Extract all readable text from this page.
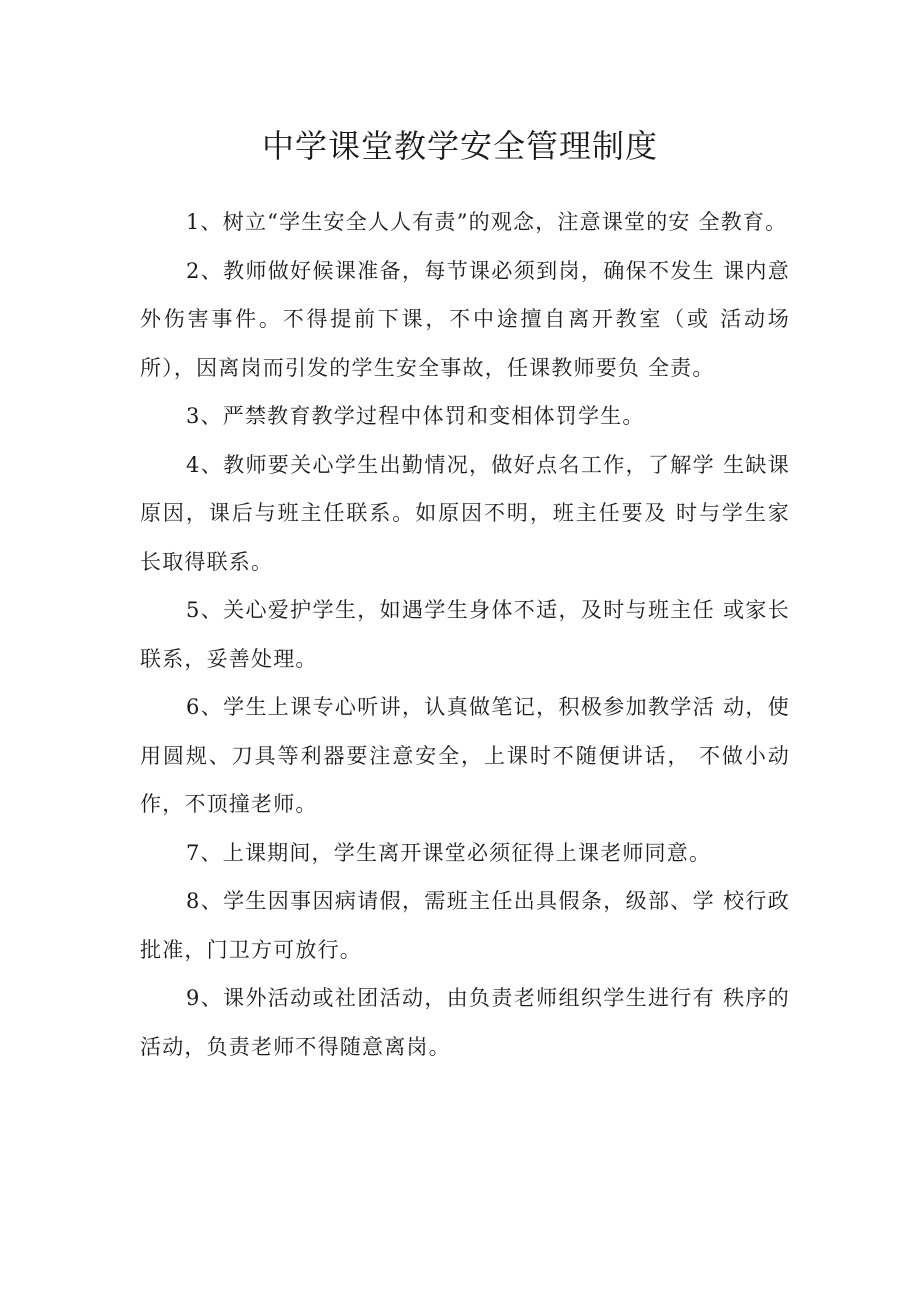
中学课堂教学安全管理制度

1、树立“学生安全人人有责”的观念，注意课堂的安 全教育。

2、教师做好候课准备，每节课必须到岗，确保不发生 课内意外伤害事件。不得提前下课，不中途擅自离开教室（或 活动场所），因离岗而引发的学生安全事故，任课教师要负 全责。

3、严禁教育教学过程中体罚和变相体罚学生。

4、教师要关心学生出勤情况，做好点名工作，了解学 生缺课原因，课后与班主任联系。如原因不明，班主任要及 时与学生家长取得联系。

5、关心爱护学生，如遇学生身体不适，及时与班主任 或家长联系，妥善处理。

6、学生上课专心听讲，认真做笔记，积极参加教学活 动，使用圆规、刀具等利器要注意安全，上课时不随便讲话， 不做小动作，不顶撞老师。

7、上课期间，学生离开课堂必须征得上课老师同意。

8、学生因事因病请假，需班主任出具假条，级部、学 校行政批准，门卫方可放行。

9、课外活动或社团活动，由负责老师组织学生进行有 秩序的活动，负责老师不得随意离岗。
